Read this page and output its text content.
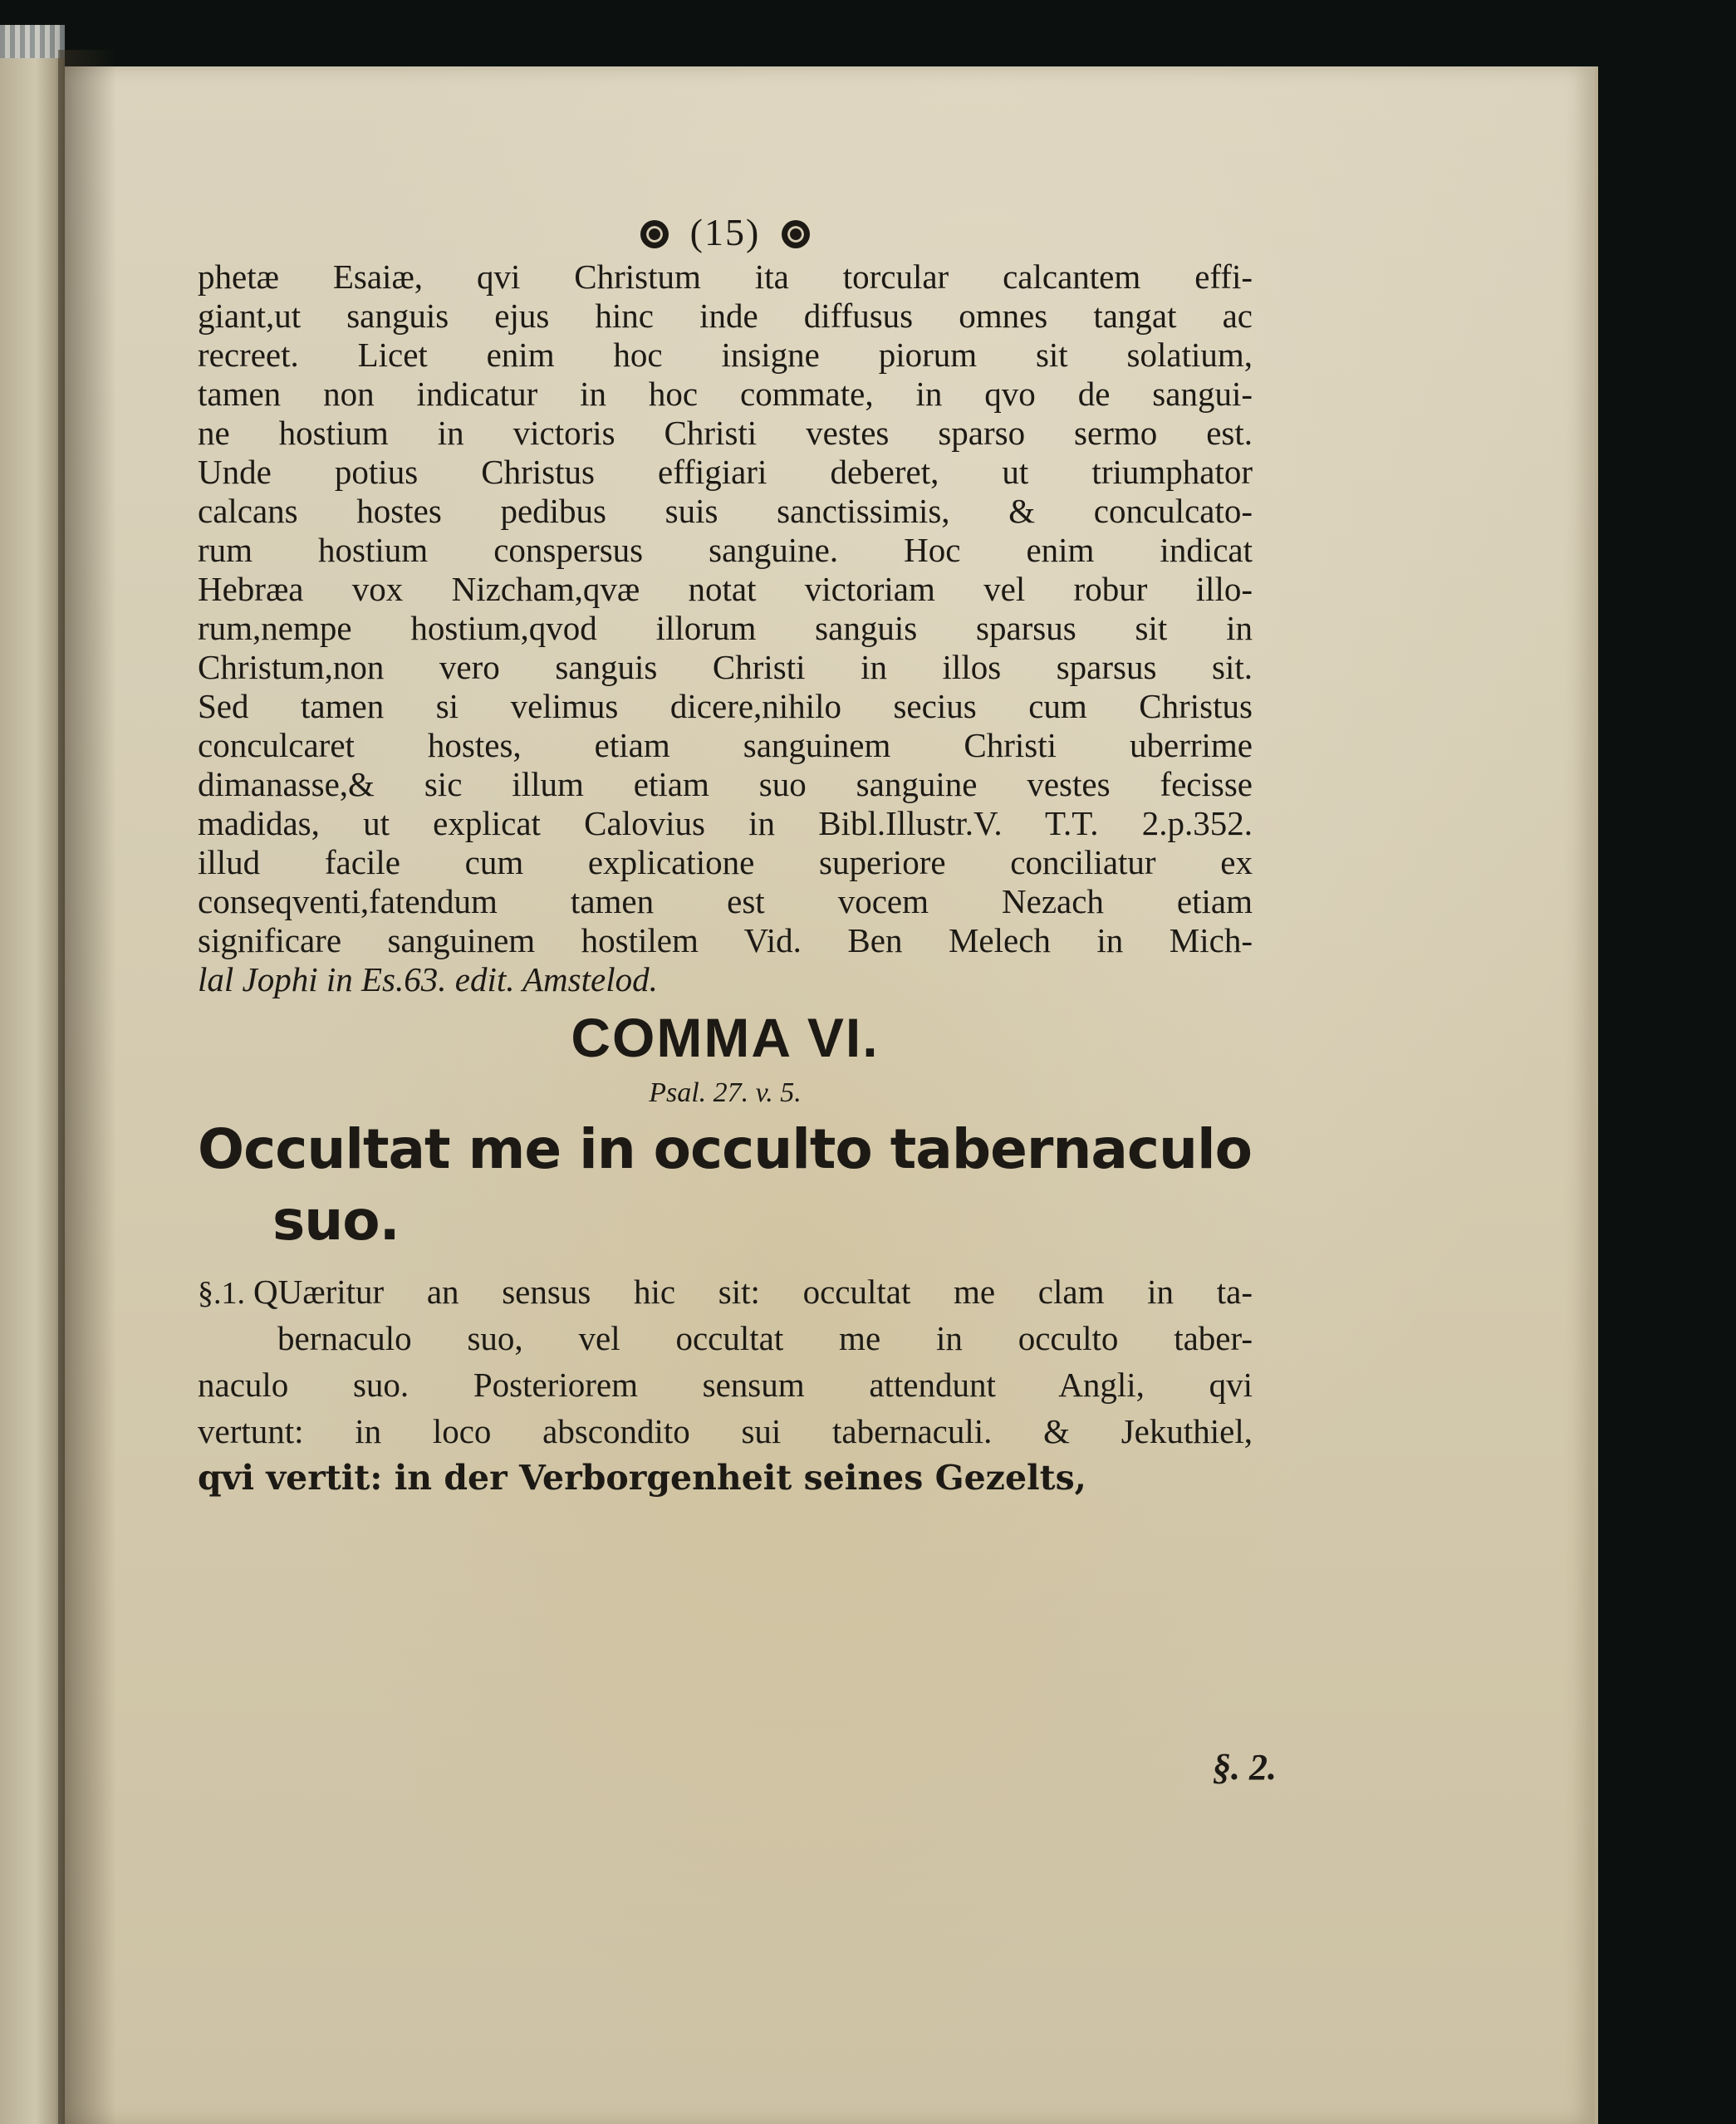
(15)
phetæ Esaiæ, qvi Christum ita torcular calcantem effi-
giant,ut sanguis ejus hinc inde diffusus omnes tangat ac
recreet. Licet enim hoc insigne piorum sit solatium,
tamen non indicatur in hoc commate, in qvo de sangui-
ne hostium in victoris Christi vestes sparso sermo est.
Unde potius Christus effigiari deberet, ut triumphator
calcans hostes pedibus suis sanctissimis, & conculcato-
rum hostium conspersus sanguine. Hoc enim indicat
Hebræa vox Nizcham,qvæ notat victoriam vel robur illo-
rum,nempe hostium,qvod illorum sanguis sparsus sit in
Christum,non vero sanguis Christi in illos sparsus sit.
Sed tamen si velimus dicere,nihilo secius cum Christus
conculcaret hostes, etiam sanguinem Christi uberrime
dimanasse,& sic illum etiam suo sanguine vestes fecisse
madidas, ut explicat Calovius in Bibl.Illustr.V. T.T. 2.p.352.
illud facile cum explicatione superiore conciliatur ex
conseqventi,fatendum tamen est vocem Nezach etiam
significare sanguinem hostilem Vid. Ben Melech in Mich-
lal Jophi in Es.63. edit. Amstelod.
COMMA VI.
Psal. 27. v. 5.
Occultat me in occulto tabernaculo
suo.
§.1. QUæritur an sensus hic sit: occultat me clam in ta-
bernaculo suo, vel occultat me in occulto taber-
naculo suo. Posteriorem sensum attendunt Angli, qvi
vertunt: in loco abscondito sui tabernaculi. & Jekuthiel,
qvi vertit: in der Verborgenheit seines Gezelts,
§. 2.
